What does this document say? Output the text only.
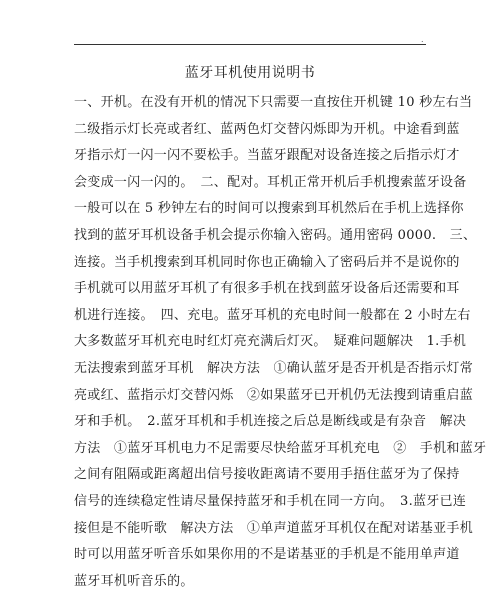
.
蓝牙耳机使用说明书
一、开机。在没有开机的情况下只需要一直按住开机键 10 秒左右当
二级指示灯长亮或者红、蓝两色灯交替闪烁即为开机。中途看到蓝
牙指示灯一闪一闪不要松手。当蓝牙跟配对设备连接之后指示灯才
会变成一闪一闪的。　二、配对。耳机正常开机后手机搜索蓝牙设备
一般可以在 5 秒钟左右的时间可以搜索到耳机然后在手机上选择你
找到的蓝牙耳机设备手机会提示你输入密码。通用密码 0000.　三、
连接。当手机搜索到耳机同时你也正确输入了密码后并不是说你的
手机就可以用蓝牙耳机了有很多手机在找到蓝牙设备后还需要和耳
机进行连接。　四、充电。蓝牙耳机的充电时间一般都在 2 小时左右
大多数蓝牙耳机充电时红灯亮充满后灯灭。　疑难问题解决　1.手机
无法搜索到蓝牙耳机　解决方法　①确认蓝牙是否开机是否指示灯常
亮或红、蓝指示灯交替闪烁　②如果蓝牙已开机仍无法搜到请重启蓝
牙和手机。　2.蓝牙耳机和手机连接之后总是断线或是有杂音　解决
方法　①蓝牙耳机电力不足需要尽快给蓝牙耳机充电　②　手机和蓝牙
之间有阻隔或距离超出信号接收距离请不要用手捂住蓝牙为了保持
信号的连续稳定性请尽量保持蓝牙和手机在同一方向。　3.蓝牙已连
接但是不能听歌　解决方法　①单声道蓝牙耳机仅在配对诺基亚手机
时可以用蓝牙听音乐如果你用的不是诺基亚的手机是不能用单声道
蓝牙耳机听音乐的。
